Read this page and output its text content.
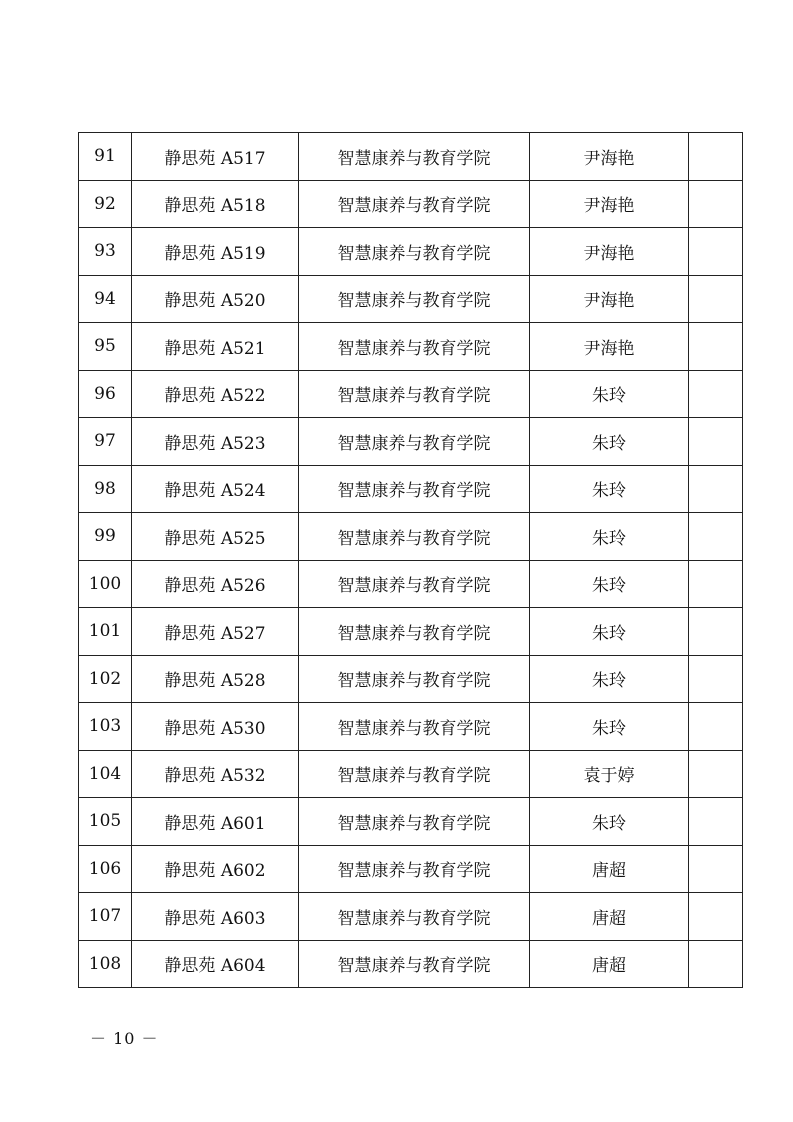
91	静思苑 A517	智慧康养与教育学院	尹海艳	
92	静思苑 A518	智慧康养与教育学院	尹海艳	
93	静思苑 A519	智慧康养与教育学院	尹海艳	
94	静思苑 A520	智慧康养与教育学院	尹海艳	
95	静思苑 A521	智慧康养与教育学院	尹海艳	
96	静思苑 A522	智慧康养与教育学院	朱玲	
97	静思苑 A523	智慧康养与教育学院	朱玲	
98	静思苑 A524	智慧康养与教育学院	朱玲	
99	静思苑 A525	智慧康养与教育学院	朱玲	
100	静思苑 A526	智慧康养与教育学院	朱玲	
101	静思苑 A527	智慧康养与教育学院	朱玲	
102	静思苑 A528	智慧康养与教育学院	朱玲	
103	静思苑 A530	智慧康养与教育学院	朱玲	
104	静思苑 A532	智慧康养与教育学院	袁于婷	
105	静思苑 A601	智慧康养与教育学院	朱玲	
106	静思苑 A602	智慧康养与教育学院	唐超	
107	静思苑 A603	智慧康养与教育学院	唐超	
108	静思苑 A604	智慧康养与教育学院	唐超	
－ 10 －
